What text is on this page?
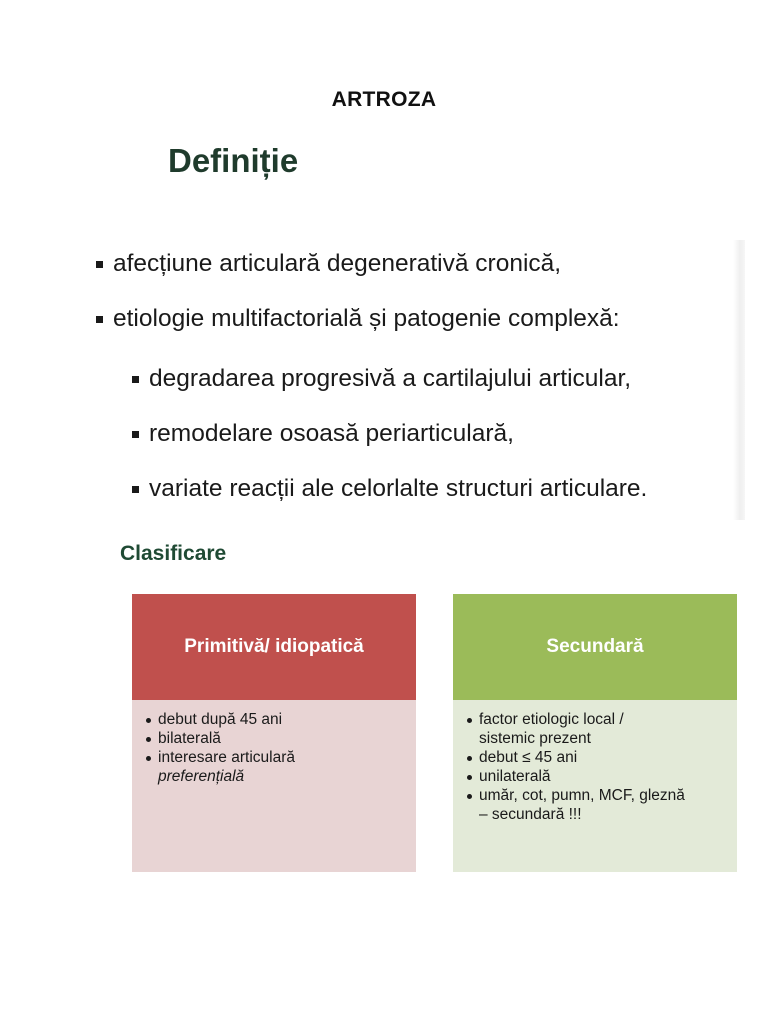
ARTROZA
Definiție
afecțiune articulară degenerativă cronică,
etiologie multifactorială și patogenie complexă:
degradarea progresivă a cartilajului articular,
remodelare osoasă periarticulară,
variate reacții ale celorlalte structuri articulare.
Clasificare
Primitivă/ idiopatică
debut după 45 ani
bilaterală
interesare articulară
preferențială
Secundară
factor etiologic local /
sistemic prezent
debut ≤ 45 ani
unilaterală
umăr, cot, pumn, MCF, gleznă
– secundară !!!
